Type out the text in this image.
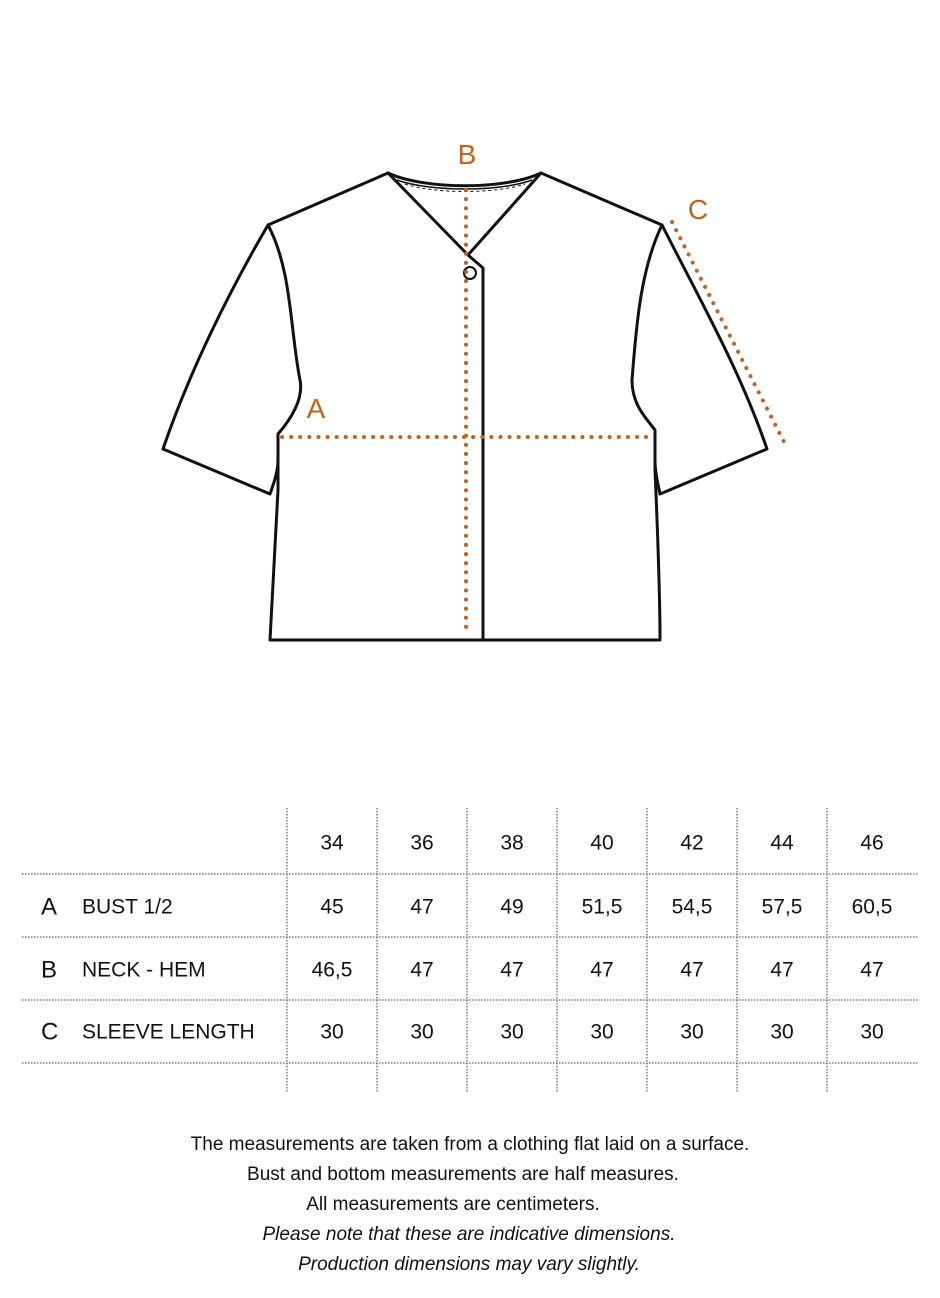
B
A
C
34	36	38	40	42	44	46
A BUST 1/2	45	47	49	51,5 54,5 57,5 60,5
B NECK - HEM	46,5	47	47	47	47	47	47
C SLEEVE LENGTH	30	30	30	30	30	30	30
The measurements are taken from a clothing flat laid on a surface.
Bust and bottom measurements are half measures.
All measurements are centimeters.
Please note that these are indicative dimensions.
Production dimensions may vary slightly.
